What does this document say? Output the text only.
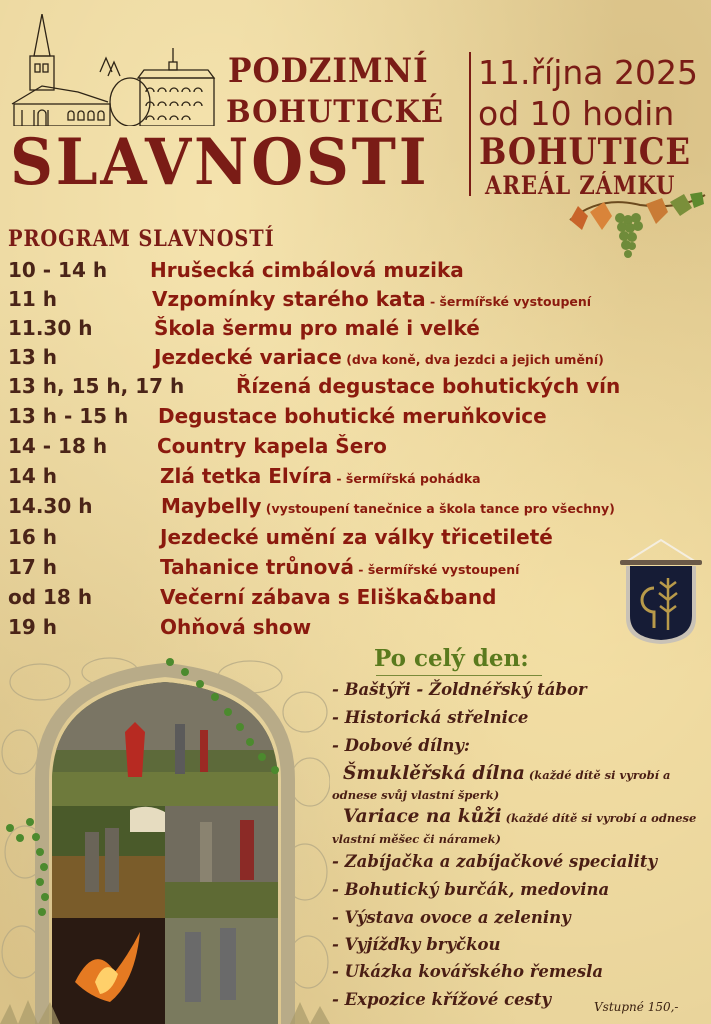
PODZIMNÍ
BOHUTICKÉ
SLAVNOSTI
11.října 2025
od 10 hodin
BOHUTICE
AREÁL ZÁMKU
PROGRAM SLAVNOSTÍ
10 - 14 h Hrušecká cimbálová muzika
11 h	Vzpomínky starého kata - šermířské vystoupení
11.30 h	Škola šermu pro malé i velké
13 h	Jezdecké variace (dva koně, dva jezdci a jejich umění)
13 h, 15 h, 17 h	Řízená degustace bohutických vín
13 h - 15 h Degustace bohutické meruňkovice
14 - 18 h Country kapela Šero
14 h	Zlá tetka Elvíra - šermířská pohádka
14.30 h	Maybelly (vystoupení tanečnice a škola tance pro všechny)
16 h	Jezdecké umění za války třicetileté
17 h	Tahanice trůnová - šermířské vystoupení
od 18 h	Večerní zábava s Eliška&band
19 h	Ohňová show
Po celý den:
- Baštýři - Žoldnéřský tábor
- Historická střelnice
- Dobové dílny:
Šmuklěřská dílna (každé dítě si vyrobí a
odnese svůj vlastní šperk)
Variace na kůži (každé dítě si vyrobí a odnese
vlastní měšec či náramek)
- Zabíjačka a zabíjačkové speciality
- Bohutický burčák, medovina
- Výstava ovoce a zeleniny
- Vyjížďky bryčkou
- Ukázka kovářského řemesla
- Expozice křížové cesty	Vstupné 150,-
